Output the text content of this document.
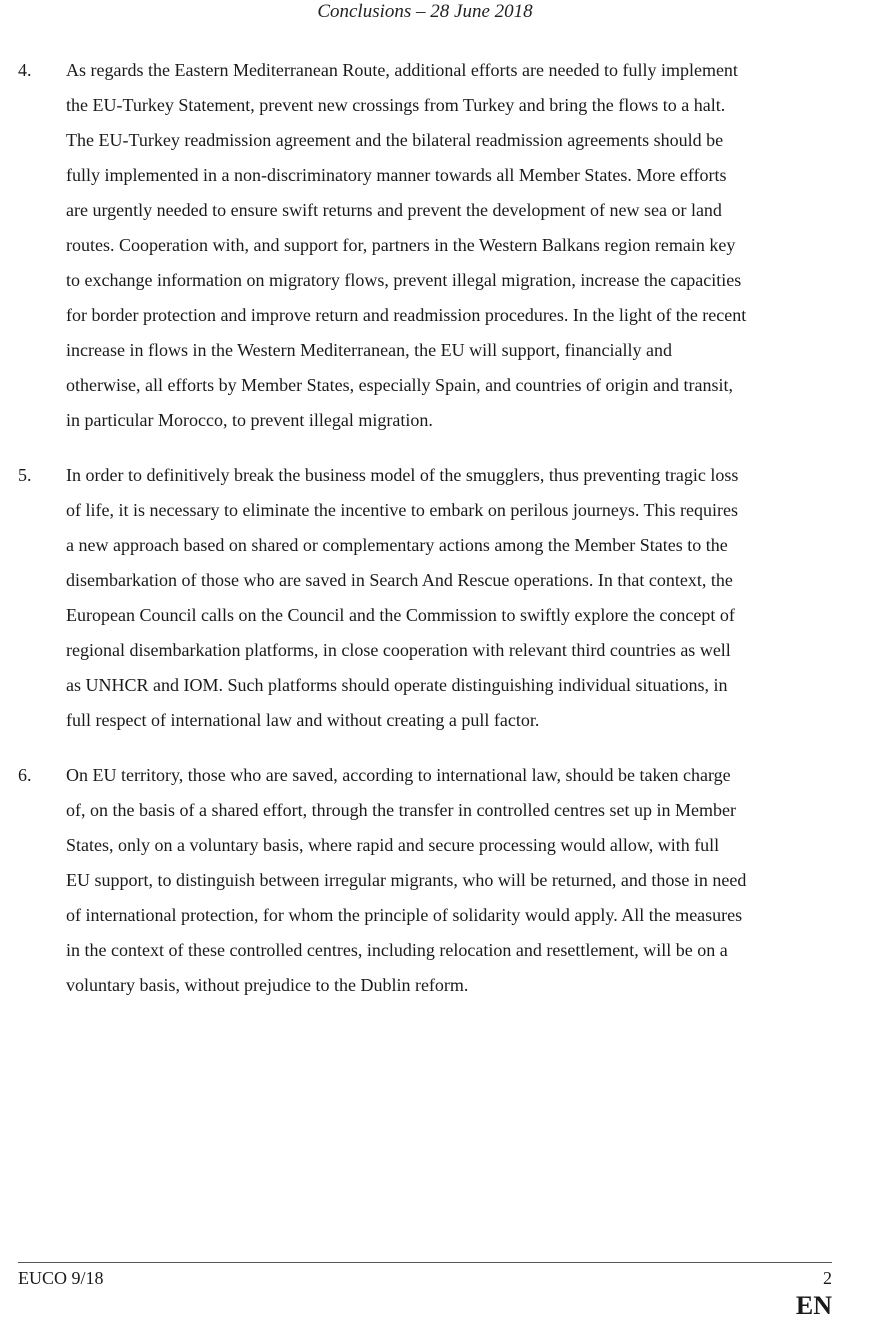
Conclusions – 28 June 2018
4.	As regards the Eastern Mediterranean Route, additional efforts are needed to fully implement
the EU-Turkey Statement, prevent new crossings from Turkey and bring the flows to a halt.
The EU-Turkey readmission agreement and the bilateral readmission agreements should be
fully implemented in a non-discriminatory manner towards all Member States. More efforts
are urgently needed to ensure swift returns and prevent the development of new sea or land
routes. Cooperation with, and support for, partners in the Western Balkans region remain key
to exchange information on migratory flows, prevent illegal migration, increase the capacities
for border protection and improve return and readmission procedures. In the light of the recent
increase in flows in the Western Mediterranean, the EU will support, financially and
otherwise, all efforts by Member States, especially Spain, and countries of origin and transit,
in particular Morocco, to prevent illegal migration.
5.	In order to definitively break the business model of the smugglers, thus preventing tragic loss
of life, it is necessary to eliminate the incentive to embark on perilous journeys. This requires
a new approach based on shared or complementary actions among the Member States to the
disembarkation of those who are saved in Search And Rescue operations. In that context, the
European Council calls on the Council and the Commission to swiftly explore the concept of
regional disembarkation platforms, in close cooperation with relevant third countries as well
as UNHCR and IOM. Such platforms should operate distinguishing individual situations, in
full respect of international law and without creating a pull factor.
6.	On EU territory, those who are saved, according to international law, should be taken charge
of, on the basis of a shared effort, through the transfer in controlled centres set up in Member
States, only on a voluntary basis, where rapid and secure processing would allow, with full
EU support, to distinguish between irregular migrants, who will be returned, and those in need
of international protection, for whom the principle of solidarity would apply. All the measures
in the context of these controlled centres, including relocation and resettlement, will be on a
voluntary basis, without prejudice to the Dublin reform.
EUCO 9/18	2
EN
